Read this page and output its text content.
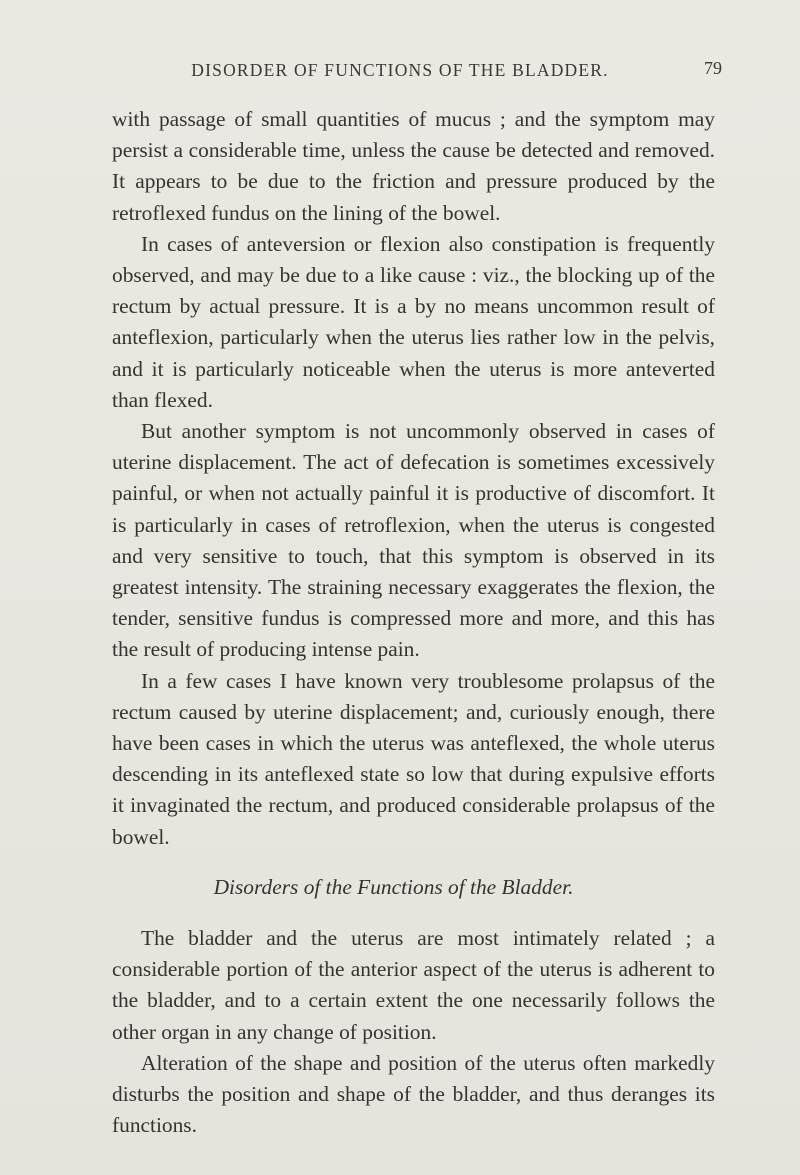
DISORDER OF FUNCTIONS OF THE BLADDER.	79

with passage of small quantities of mucus ; and the symptom may persist a considerable time, unless the cause be detected and removed. It appears to be due to the friction and pressure produced by the retroflexed fundus on the lining of the bowel.

In cases of anteversion or flexion also constipation is frequently observed, and may be due to a like cause : viz., the blocking up of the rectum by actual pressure. It is a by no means uncommon result of anteflexion, particularly when the uterus lies rather low in the pelvis, and it is particularly noticeable when the uterus is more anteverted than flexed.

But another symptom is not uncommonly observed in cases of uterine displacement. The act of defecation is sometimes excessively painful, or when not actually painful it is productive of discomfort. It is particularly in cases of retroflexion, when the uterus is congested and very sensitive to touch, that this symptom is observed in its greatest intensity. The straining necessary exaggerates the flexion, the tender, sensitive fundus is compressed more and more, and this has the result of producing intense pain.

In a few cases I have known very troublesome prolapsus of the rectum caused by uterine displacement; and, curiously enough, there have been cases in which the uterus was anteflexed, the whole uterus descending in its anteflexed state so low that during expulsive efforts it invaginated the rectum, and produced considerable prolapsus of the bowel.

Disorders of the Functions of the Bladder.

The bladder and the uterus are most intimately related ; a considerable portion of the anterior aspect of the uterus is adherent to the bladder, and to a certain extent the one necessarily follows the other organ in any change of position.

Alteration of the shape and position of the uterus often markedly disturbs the position and shape of the bladder, and thus deranges its functions.
